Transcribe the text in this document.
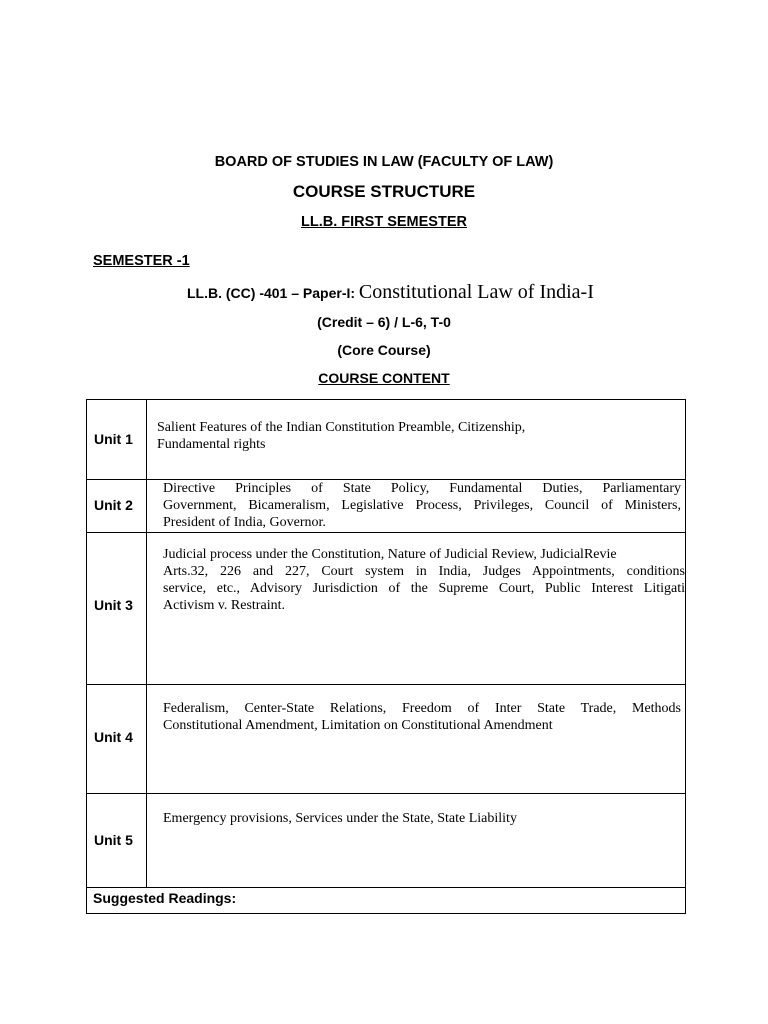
BOARD OF STUDIES IN LAW (FACULTY OF LAW)
COURSE STRUCTURE
LL.B. FIRST SEMESTER
SEMESTER -1
LL.B. (CC) -401 – Paper-I: Constitutional Law of India-I
(Credit – 6) / L-6, T-0
(Core Course)
COURSE CONTENT
Unit 1
Salient Features of the Indian Constitution Preamble, Citizenship,
Fundamental rights
Unit 2
Directive Principles of State Policy, Fundamental Duties, Parliamentary
Government, Bicameralism, Legislative Process, Privileges, Council of Ministers,
President of India, Governor.
Unit 3
Judicial process under the Constitution, Nature of Judicial Review, JudicialRevie
Arts.32, 226 and 227, Court system in India, Judges Appointments, conditions
service, etc., Advisory Jurisdiction of the Supreme Court, Public Interest Litigati
Activism v. Restraint.
Unit 4
Federalism, Center-State Relations, Freedom of Inter State Trade, Methods
Constitutional Amendment, Limitation on Constitutional Amendment
Unit 5
Emergency provisions, Services under the State, State Liability
Suggested Readings:
